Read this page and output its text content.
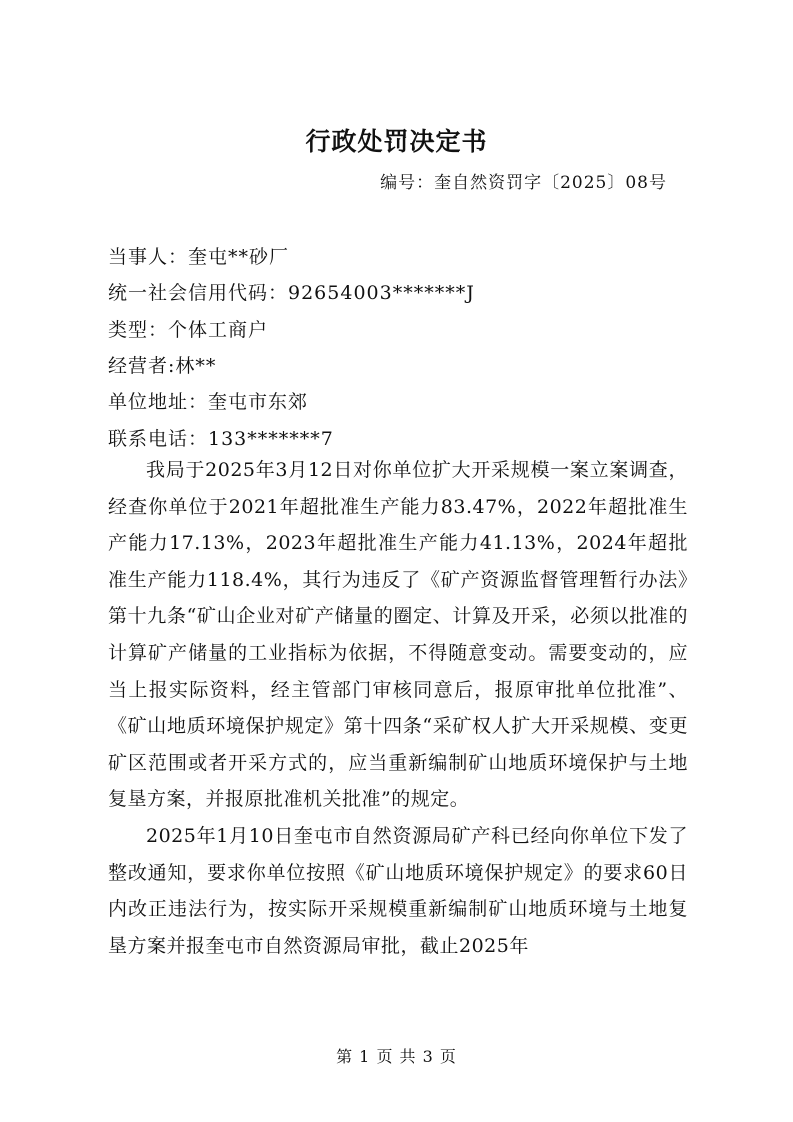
行政处罚决定书
编号：奎自然资罚字〔2025〕08号
当事人：奎屯**砂厂
统一社会信用代码：92654003*******J
类型：个体工商户
经营者:林**
单位地址：奎屯市东郊
联系电话：133*******7

我局于2025年3月12日对你单位扩大开采规模一案立案调查，经查你单位于2021年超批准生产能力83.47%，2022年超批准生产能力17.13%，2023年超批准生产能力41.13%，2024年超批准生产能力118.4%，其行为违反了《矿产资源监督管理暂行办法》第十九条“矿山企业对矿产储量的圈定、计算及开采，必须以批准的计算矿产储量的工业指标为依据，不得随意变动。需要变动的，应当上报实际资料，经主管部门审核同意后，报原审批单位批准”、《矿山地质环境保护规定》第十四条“采矿权人扩大开采规模、变更矿区范围或者开采方式的，应当重新编制矿山地质环境保护与土地复垦方案，并报原批准机关批准”的规定。

2025年1月10日奎屯市自然资源局矿产科已经向你单位下发了整改通知，要求你单位按照《矿山地质环境保护规定》的要求60日内改正违法行为，按实际开采规模重新编制矿山地质环境与土地复垦方案并报奎屯市自然资源局审批，截止2025年

第 1 页 共 3 页
